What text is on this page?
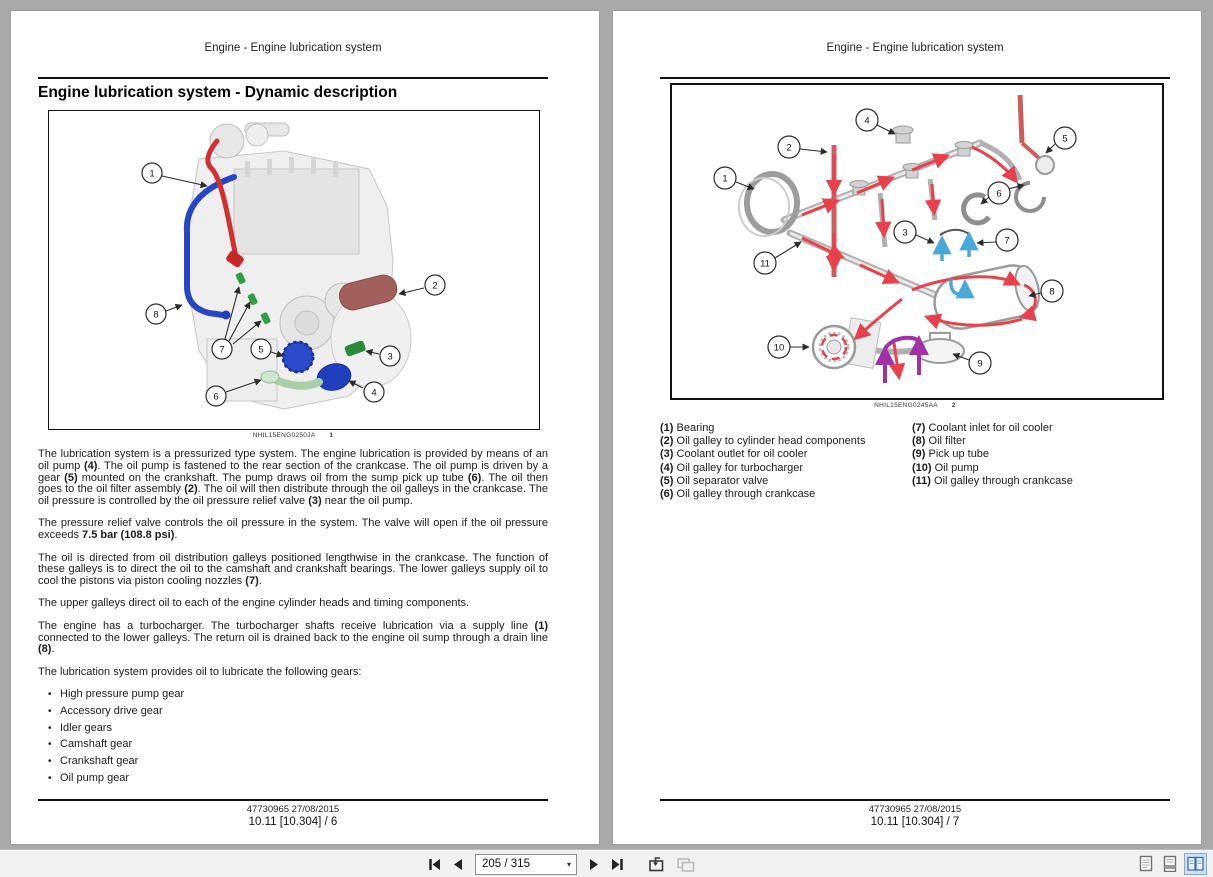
Engine - Engine lubrication system
Engine lubrication system - Dynamic description
1
2
3
4
5
6
7
8
NHIL15ENG0250JA 1

The lubrication system is a pressurized type system. The engine lubrication is provided by means of an oil pump (4). The oil pump is fastened to the rear section of the crankcase. The oil pump is driven by a gear (5) mounted on the crankshaft. The pump draws oil from the sump pick up tube (6). The oil then goes to the oil filter assembly (2). The oil will then distribute through the oil galleys in the crankcase. The oil pressure is controlled by the oil pressure relief valve (3) near the oil pump.

The pressure relief valve controls the oil pressure in the system. The valve will open if the oil pressure exceeds 7.5 bar (108.8 psi).

The oil is directed from oil distribution galleys positioned lengthwise in the crankcase. The function of these galleys is to direct the oil to the camshaft and crankshaft bearings. The lower galleys supply oil to cool the pistons via piston cooling nozzles (7).

The upper galleys direct oil to each of the engine cylinder heads and timing components.

The engine has a turbocharger. The turbocharger shafts receive lubrication via a supply line (1) connected to the lower galleys. The return oil is drained back to the engine oil sump through a drain line (8).

The lubrication system provides oil to lubricate the following gears:

• High pressure pump gear
• Accessory drive gear
• Idler gears
• Camshaft gear
• Crankshaft gear
• Oil pump gear
47730965 27/08/2015
10.11 [10.304] / 6
Engine - Engine lubrication system
1
2
3
4
5
6
7
8
9
10
11
NHIL15ENG0245AA 2
(1) Bearing
(2) Oil galley to cylinder head components
(3) Coolant outlet for oil cooler
(4) Oil galley for turbocharger
(5) Oil separator valve
(6) Oil galley through crankcase
(7) Coolant inlet for oil cooler
(8) Oil filter
(9) Pick up tube
(10) Oil pump
(11) Oil galley through crankcase
47730965 27/08/2015
10.11 [10.304] / 7
205 / 315
▾
